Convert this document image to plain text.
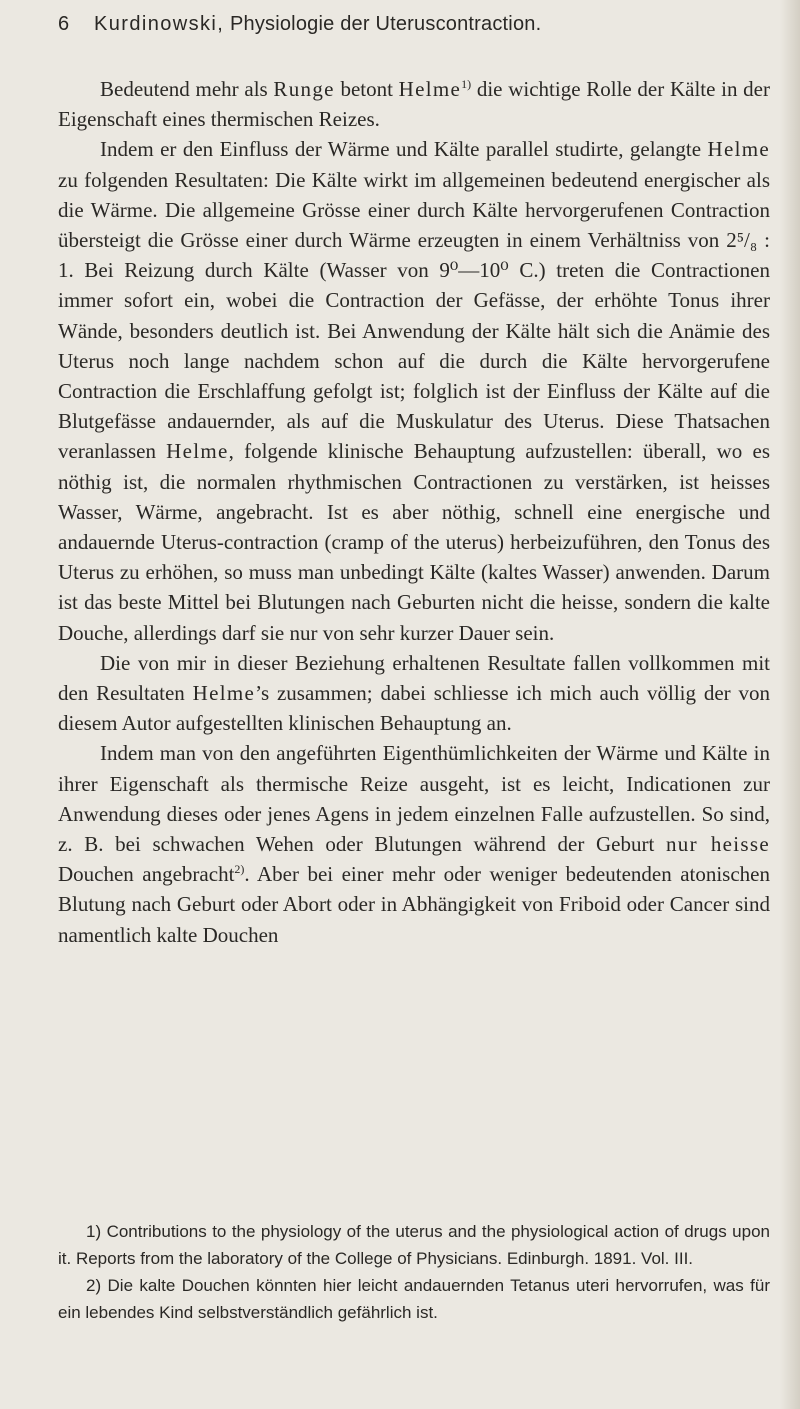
6 Kurdinowski, Physiologie der Uteruscontraction.

Bedeutend mehr als Runge betont Helme$^{1)}$ die wichtige Rolle der Kälte in der Eigenschaft eines thermischen Reizes.

Indem er den Einfluss der Wärme und Kälte parallel studirte, gelangte Helme zu folgenden Resultaten: Die Kälte wirkt im allgemeinen bedeutend energischer als die Wärme. Die allgemeine Grösse einer durch Kälte hervorgerufenen Contraction übersteigt die Grösse einer durch Wärme erzeugten in einem Verhältniss von 2⁵/₈ : 1. Bei Reizung durch Kälte (Wasser von 9⁰—10⁰ C.) treten die Contractionen immer sofort ein, wobei die Contraction der Gefässe, der erhöhte Tonus ihrer Wände, besonders deutlich ist. Bei Anwendung der Kälte hält sich die Anämie des Uterus noch lange nachdem schon auf die durch die Kälte hervorgerufene Contraction die Erschlaffung gefolgt ist; folglich ist der Einfluss der Kälte auf die Blutgefässe andauernder, als auf die Muskulatur des Uterus. Diese Thatsachen veranlassen Helme, folgende klinische Behauptung aufzustellen: überall, wo es nöthig ist, die normalen rhythmischen Contractionen zu verstärken, ist heisses Wasser, Wärme, angebracht. Ist es aber nöthig, schnell eine energische und andauernde Uterus-contraction (cramp of the uterus) herbeizuführen, den Tonus des Uterus zu erhöhen, so muss man unbedingt Kälte (kaltes Wasser) anwenden. Darum ist das beste Mittel bei Blutungen nach Geburten nicht die heisse, sondern die kalte Douche, allerdings darf sie nur von sehr kurzer Dauer sein.

Die von mir in dieser Beziehung erhaltenen Resultate fallen vollkommen mit den Resultaten Helme’s zusammen; dabei schliesse ich mich auch völlig der von diesem Autor aufgestellten klinischen Behauptung an.

Indem man von den angeführten Eigenthümlichkeiten der Wärme und Kälte in ihrer Eigenschaft als thermische Reize ausgeht, ist es leicht, Indicationen zur Anwendung dieses oder jenes Agens in jedem einzelnen Falle aufzustellen. So sind, z. B. bei schwachen Wehen oder Blutungen während der Geburt nur heisse Douchen angebracht$^{2)}$. Aber bei einer mehr oder weniger bedeutenden atonischen Blutung nach Geburt oder Abort oder in Abhängigkeit von Friboid oder Cancer sind namentlich kalte Douchen

1) Contributions to the physiology of the uterus and the physiological action of drugs upon it. Reports from the laboratory of the College of Physicians. Edinburgh. 1891. Vol. III.

2) Die kalte Douchen könnten hier leicht andauernden Tetanus uteri hervorrufen, was für ein lebendes Kind selbstverständlich gefährlich ist.
